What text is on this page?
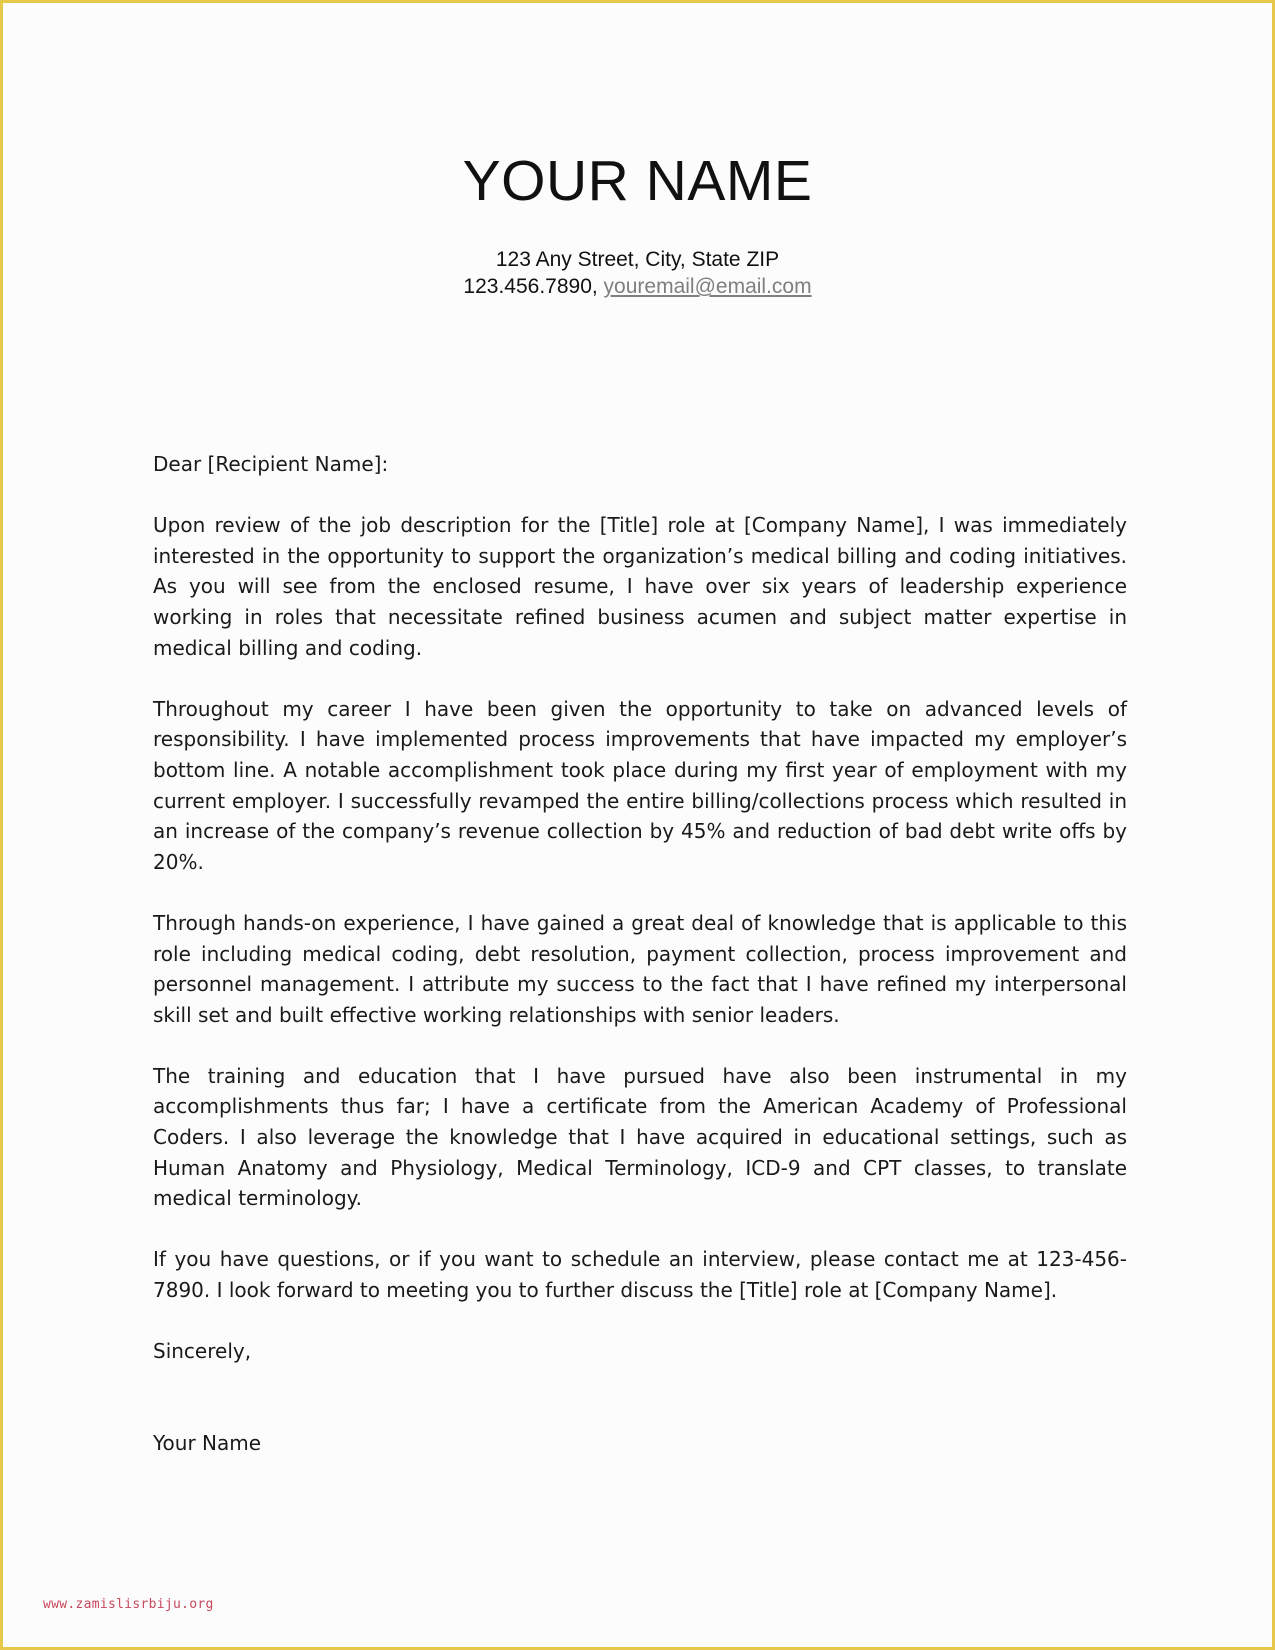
YOUR NAME
123 Any Street, City, State ZIP
123.456.7890, youremail@email.com

Dear [Recipient Name]:

Upon review of the job description for the [Title] role at [Company Name], I was immediately interested in the opportunity to support the organization’s medical billing and coding initiatives. As you will see from the enclosed resume, I have over six years of leadership experience working in roles that necessitate refined business acumen and subject matter expertise in medical billing and coding.

Throughout my career I have been given the opportunity to take on advanced levels of responsibility. I have implemented process improvements that have impacted my employer’s bottom line. A notable accomplishment took place during my first year of employment with my current employer. I successfully revamped the entire billing/collections process which resulted in an increase of the company’s revenue collection by 45% and reduction of bad debt write offs by 20%.

Through hands-on experience, I have gained a great deal of knowledge that is applicable to this role including medical coding, debt resolution, payment collection, process improvement and personnel management. I attribute my success to the fact that I have refined my interpersonal skill set and built effective working relationships with senior leaders.

The training and education that I have pursued have also been instrumental in my accomplishments thus far; I have a certificate from the American Academy of Professional Coders. I also leverage the knowledge that I have acquired in educational settings, such as Human Anatomy and Physiology, Medical Terminology, ICD-9 and CPT classes, to translate medical terminology.

If you have questions, or if you want to schedule an interview, please contact me at 123-456-7890. I look forward to meeting you to further discuss the [Title] role at [Company Name].

Sincerely,

Your Name

www.zamislisrbiju.org
